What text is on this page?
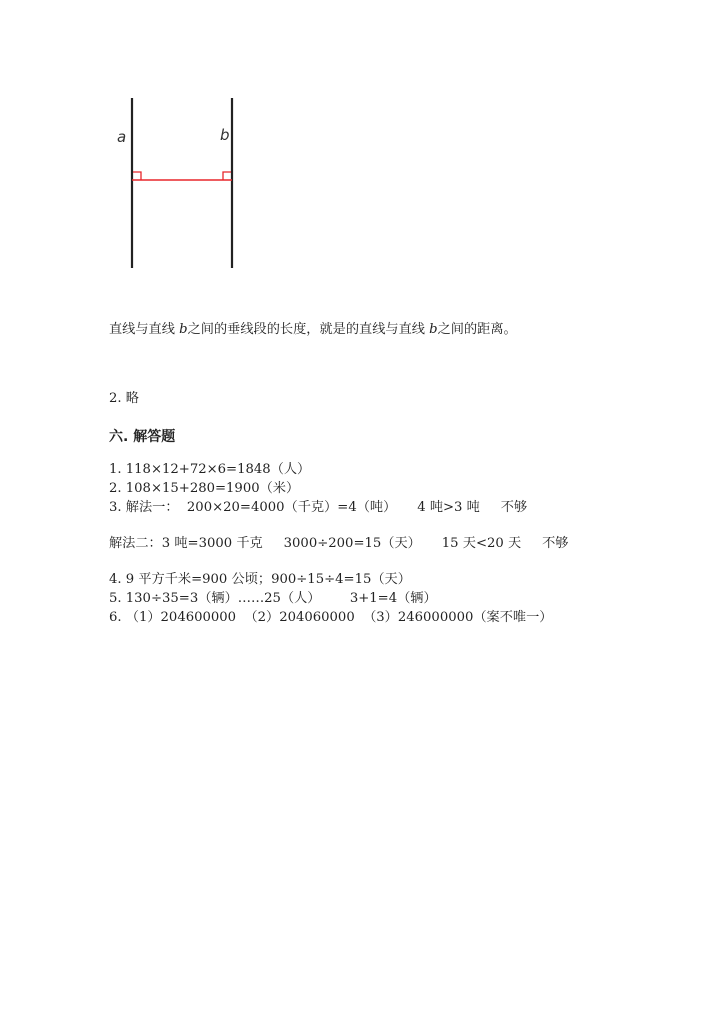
a	b
直线与直线 b之间的垂线段的长度，就是的直线与直线 b之间的距离。
2. 略
六. 解答题
1. 118×12+72×6=1848（人）
2. 108×15+280=1900（米）
3. 解法一：  200×20=4000（千克）=4（吨）     4 吨>3 吨     不够
解法二：3 吨=3000 千克     3000÷200=15（天）     15 天<20 天     不够
4. 9 平方千米=900 公顷；900÷15÷4=15（天）
5. 130÷35=3（辆）……25（人）       3+1=4（辆）
6. （1）204600000  （2）204060000  （3）246000000（案不唯一）
